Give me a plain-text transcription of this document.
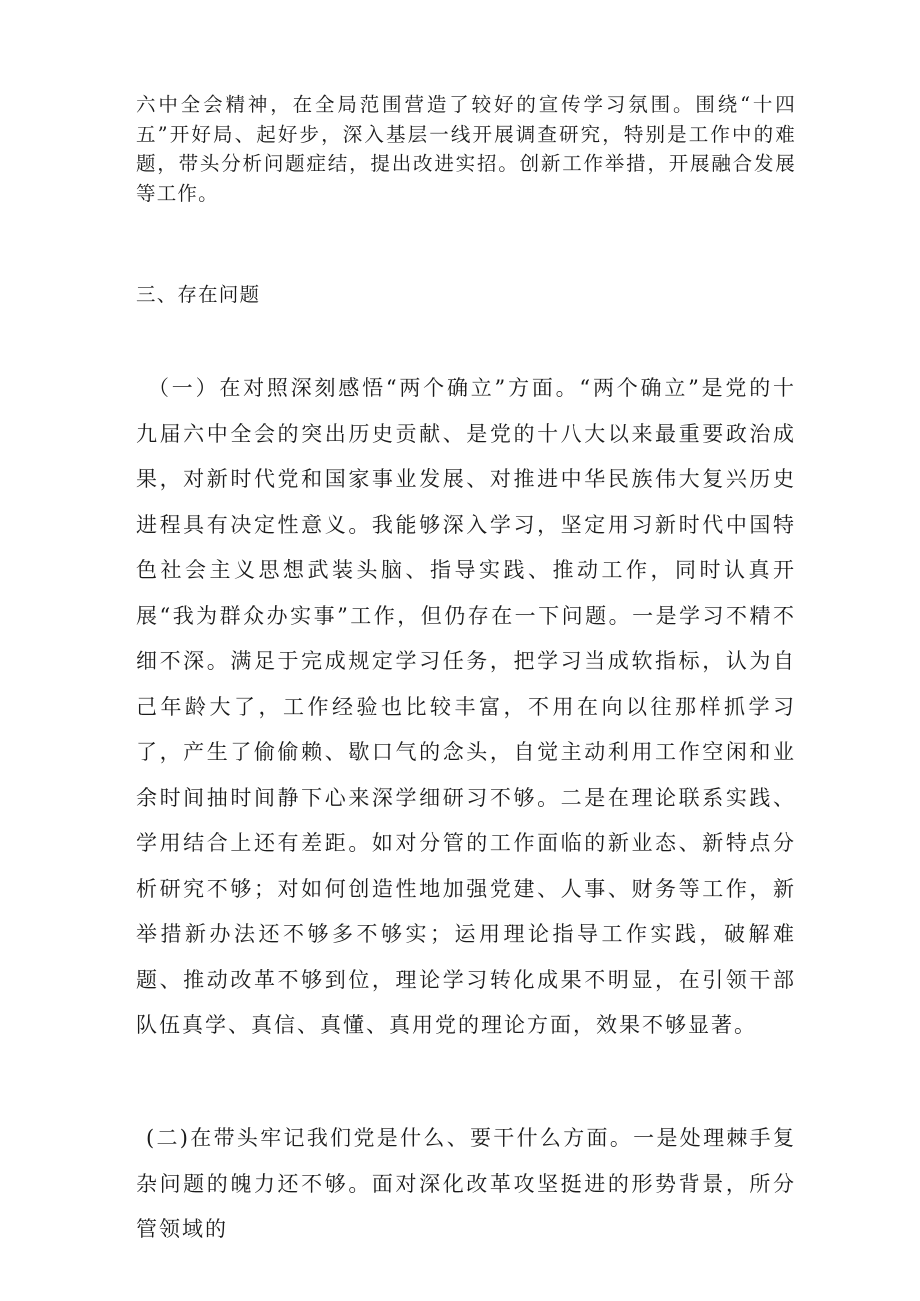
六中全会精神，在全局范围营造了较好的宣传学习氛围。围绕“十四五”开好局、起好步，深入基层一线开展调查研究，特别是工作中的难题，带头分析问题症结，提出改进实招。创新工作举措，开展融合发展等工作。

三、存在问题

（一）在对照深刻感悟“两个确立”方面。“两个确立”是党的十九届六中全会的突出历史贡献、是党的十八大以来最重要政治成果，对新时代党和国家事业发展、对推进中华民族伟大复兴历史进程具有决定性意义。我能够深入学习，坚定用习新时代中国特色社会主义思想武装头脑、指导实践、推动工作，同时认真开展“我为群众办实事”工作，但仍存在一下问题。一是学习不精不细不深。满足于完成规定学习任务，把学习当成软指标，认为自己年龄大了，工作经验也比较丰富，不用在向以往那样抓学习了，产生了偷偷赖、歇口气的念头，自觉主动利用工作空闲和业余时间抽时间静下心来深学细研习不够。二是在理论联系实践、学用结合上还有差距。如对分管的工作面临的新业态、新特点分析研究不够；对如何创造性地加强党建、人事、财务等工作，新举措新办法还不够多不够实；运用理论指导工作实践，破解难题、推动改革不够到位，理论学习转化成果不明显，在引领干部队伍真学、真信、真懂、真用党的理论方面，效果不够显著。

(二)在带头牢记我们党是什么、要干什么方面。一是处理棘手复杂问题的魄力还不够。面对深化改革攻坚挺进的形势背景，所分管领域的
